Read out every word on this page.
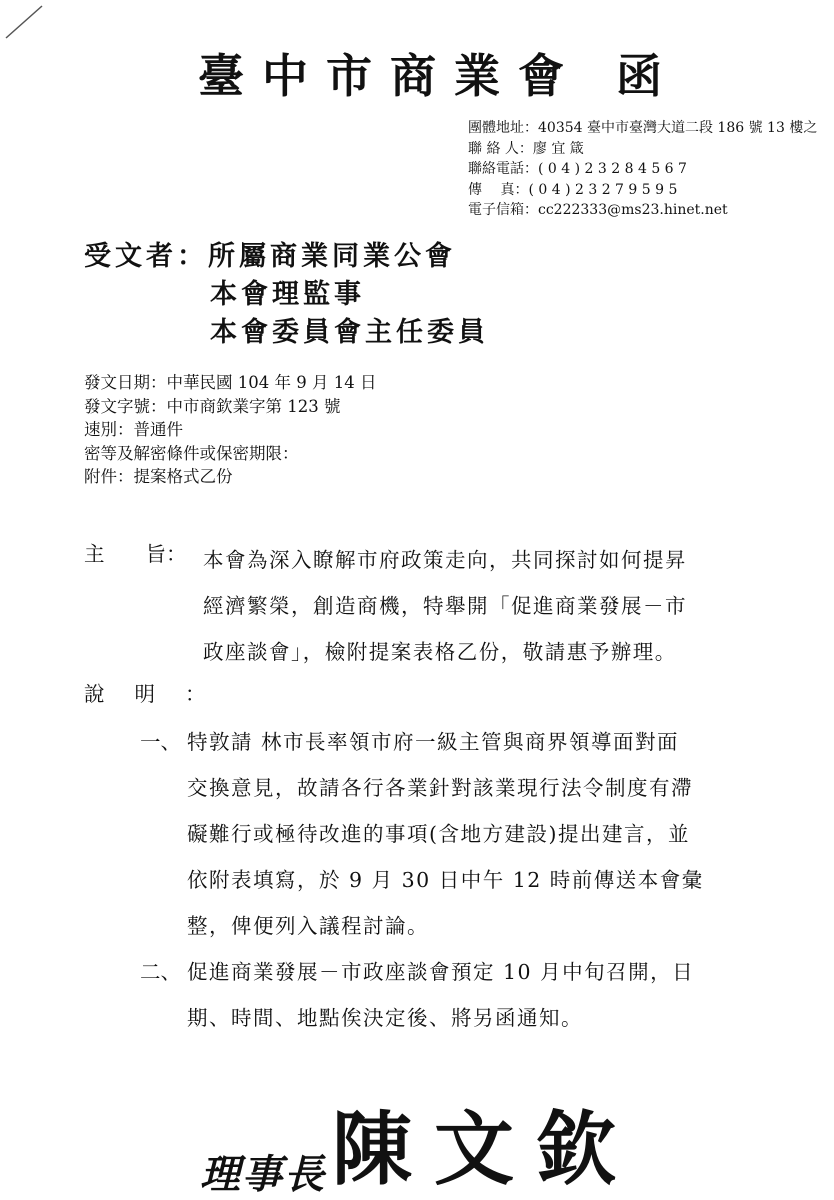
臺中市商業會 函
團體地址：40354 臺中市臺灣大道二段 186 號 13 樓之
聯 絡 人：廖 宜 箴
聯絡電話：( 0 4 ) 2 3 2 8 4 5 6 7
傳　 真：( 0 4 ) 2 3 2 7 9 5 9 5
電子信箱：cc222333@ms23.hinet.net
受文者：所屬商業同業公會
本會理監事
本會委員會主任委員
發文日期：中華民國 104 年 9 月 14 日
發文字號：中市商欽業字第 123 號
速別：普通件
密等及解密條件或保密期限：
附件：提案格式乙份
主　　旨： 本會為深入瞭解市府政策走向，共同探討如何提昇
經濟繁榮，創造商機，特舉開「促進商業發展－市
政座談會」，檢附提案表格乙份，敬請惠予辦理。
說明：
一、 特敦請 林市長率領市府一級主管與商界領導面對面
交換意見，故請各行各業針對該業現行法令制度有滯
礙難行或極待改進的事項(含地方建設)提出建言，並
依附表填寫，於 9 月 30 日中午 12 時前傳送本會彙
整，俾便列入議程討論。
二、 促進商業發展－市政座談會預定 10 月中旬召開，日
期、時間、地點俟決定後、將另函通知。
理事長陳文欽
